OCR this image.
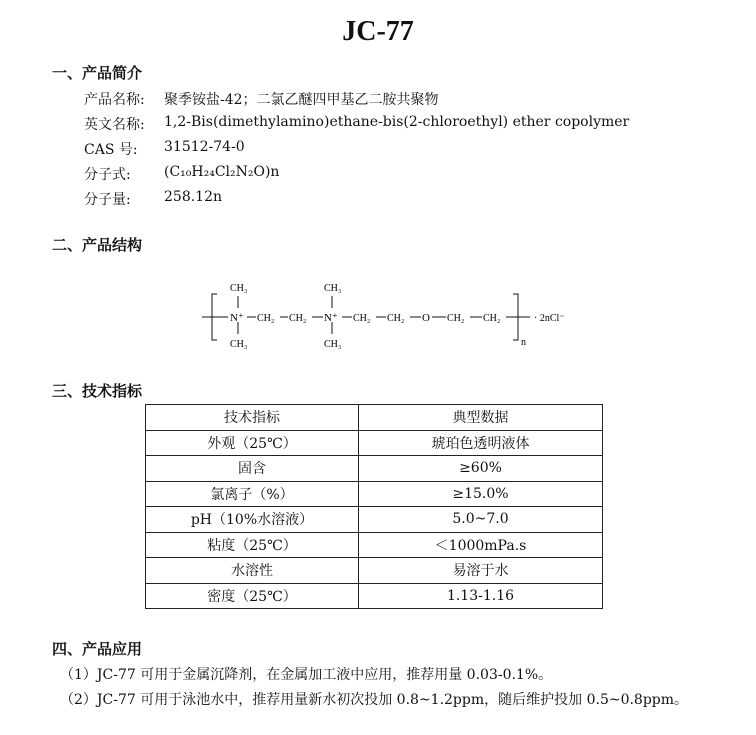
JC-77
一、产品简介
产品名称: 聚季铵盐-42；二氯乙醚四甲基乙二胺共聚物
英文名称: 1,2-Bis(dimethylamino)ethane-bis(2-chloroethyl) ether copolymer
CAS 号: 31512-74-0
分子式: (C₁₀H₂₄Cl₂N₂O)n
分子量: 258.12n
二、产品结构
CH₃
CH₃
N⁺ CH₂ CH₂
CH₃
CH₃
N⁺ CH₂ CH₂ O CH₂ CH₂
n
· 2nCl⁻
三、技术指标
技术指标	典型数据
外观（25℃）	琥珀色透明液体
固含	≥60%
氯离子（%）	≥15.0%
pH（10%水溶液）	5.0~7.0
粘度（25℃）	＜1000mPa.s
水溶性	易溶于水
密度（25℃）	1.13-1.16
四、产品应用
（1）JC-77 可用于金属沉降剂，在金属加工液中应用，推荐用量 0.03-0.1%。
（2）JC-77 可用于泳池水中，推荐用量新水初次投加 0.8~1.2ppm，随后维护投加 0.5~0.8ppm。
